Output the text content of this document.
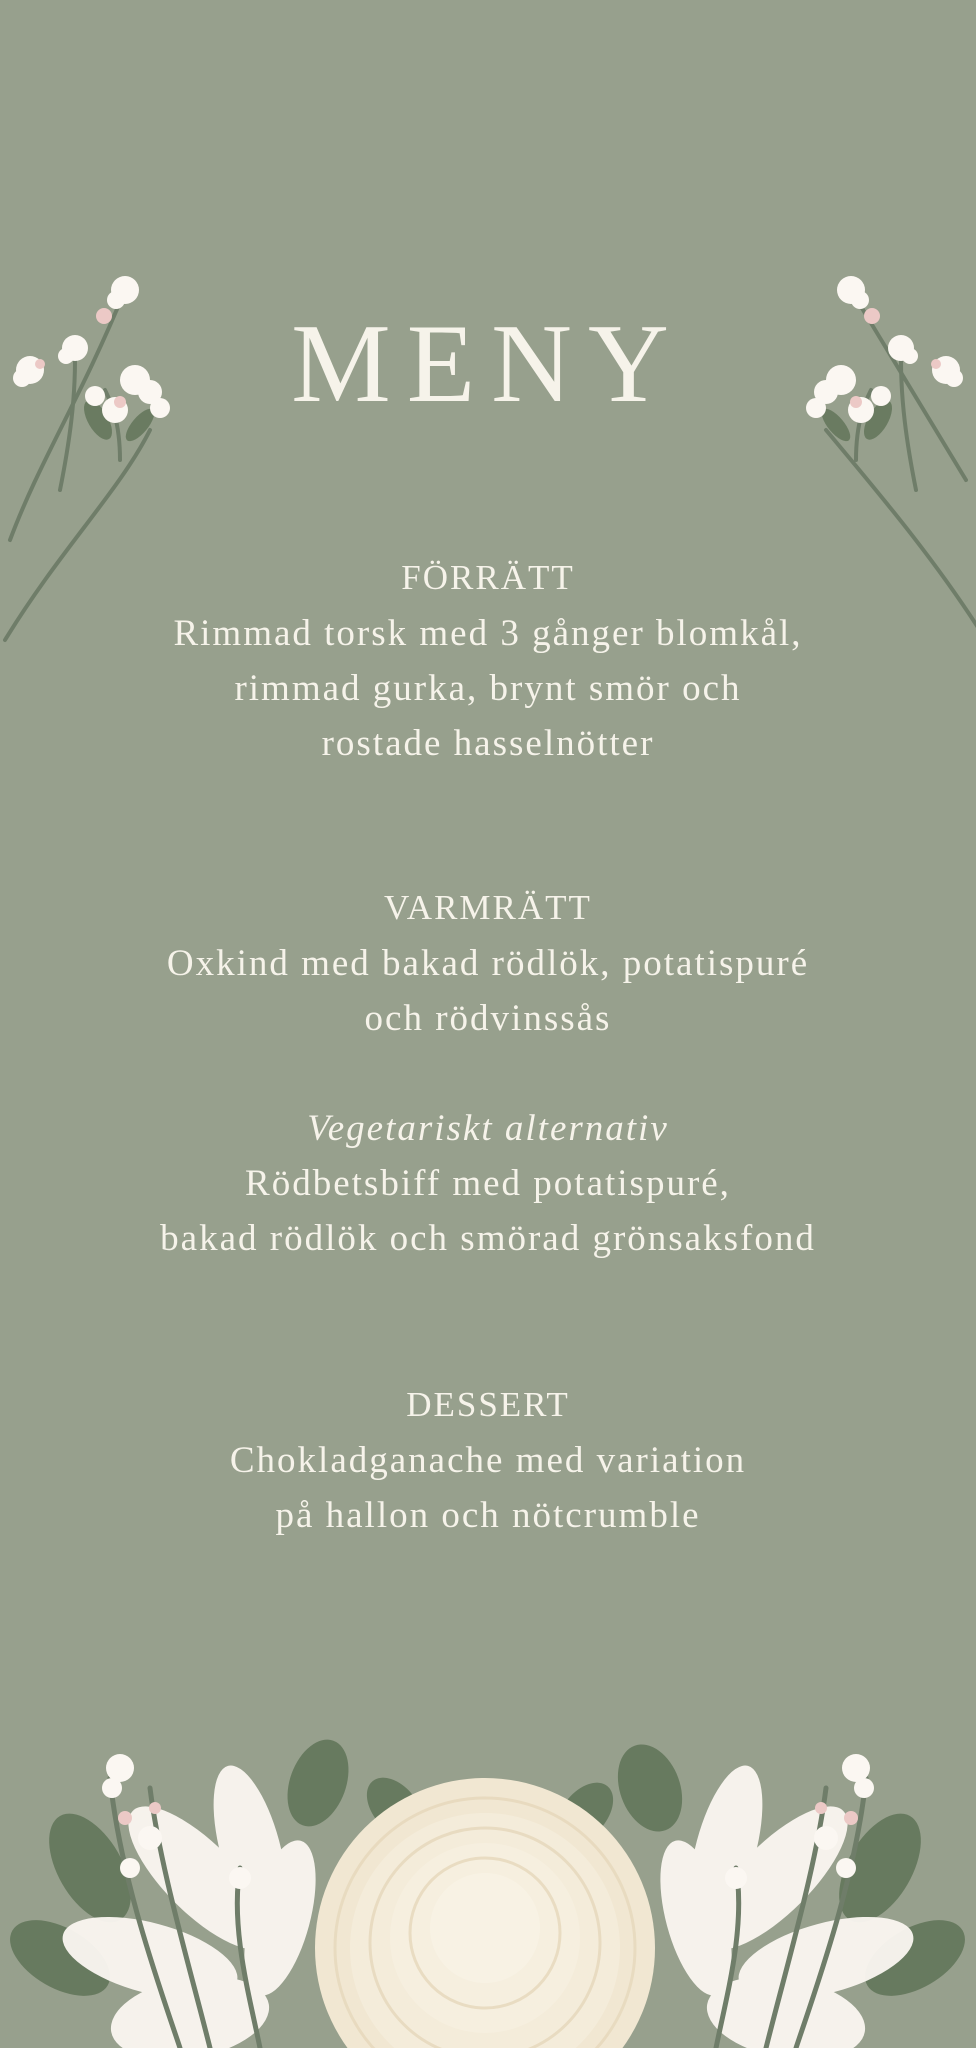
MENY
FÖRRÄTT
Rimmad torsk med 3 gånger blomkål,
rimmad gurka, brynt smör och
rostade hasselnötter
VARMRÄTT
Oxkind med bakad rödlök, potatispuré
och rödvinssås
Vegetariskt alternativ
Rödbetsbiff med potatispuré,
bakad rödlök och smörad grönsaksfond
DESSERT
Chokladganache med variation
på hallon och nötcrumble
